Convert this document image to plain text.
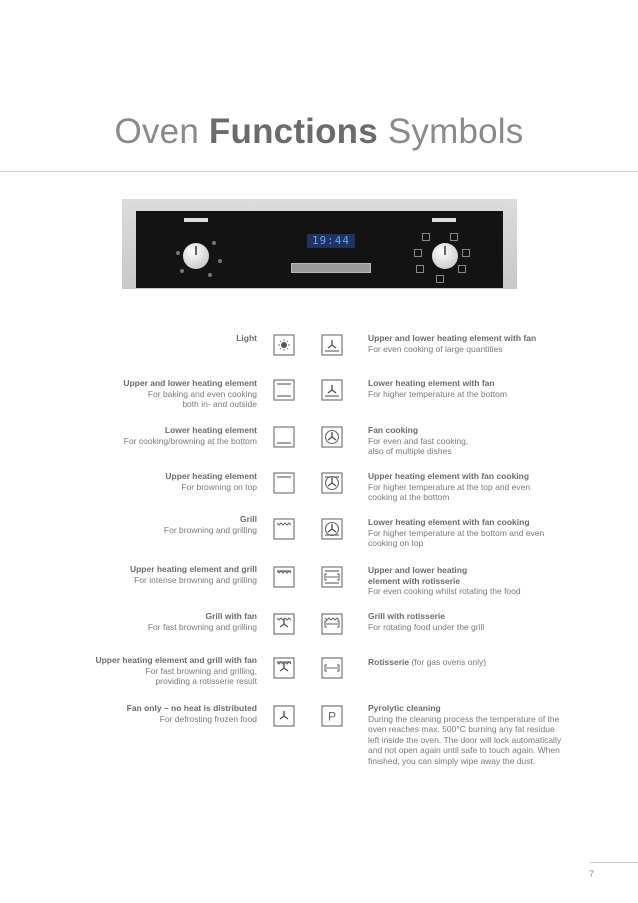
Oven Functions Symbols
19:44
Light
Upper and lower heating element
For baking and even cooking both in- and outside
Lower heating element
For cooking/browning at the bottom
Upper heating element
For browning on top
Grill
For browning and grilling
Upper heating element and grill
For intense browning and grilling
Grill with fan
For fast browning and grilling
Upper heating element and grill with fan
For fast browning and grilling, providing a rotisserie result
Fan only – no heat is distributed
For defrosting frozen food
Upper and lower heating element with fan
For even cooking of large quantities
Lower heating element with fan
For higher temperature at the bottom
Fan cooking
For even and fast cooking, also of multiple dishes
Upper heating element with fan cooking
For higher temperature at the top and even cooking at the bottom
Lower heating element with fan cooking
For higher temperature at the bottom and even cooking on top
Upper and lower heating element with rotisserie
For even cooking whilst rotating the food
Grill with rotisserie
For rotating food under the grill
Rotisserie (for gas ovens only)
P
Pyrolytic cleaning
During the cleaning process the temperature of the oven reaches max. 500°C burning any fat residue left inside the oven. The door will lock automatically and not open again until safe to touch again. When finished, you can simply wipe away the dust.
7
